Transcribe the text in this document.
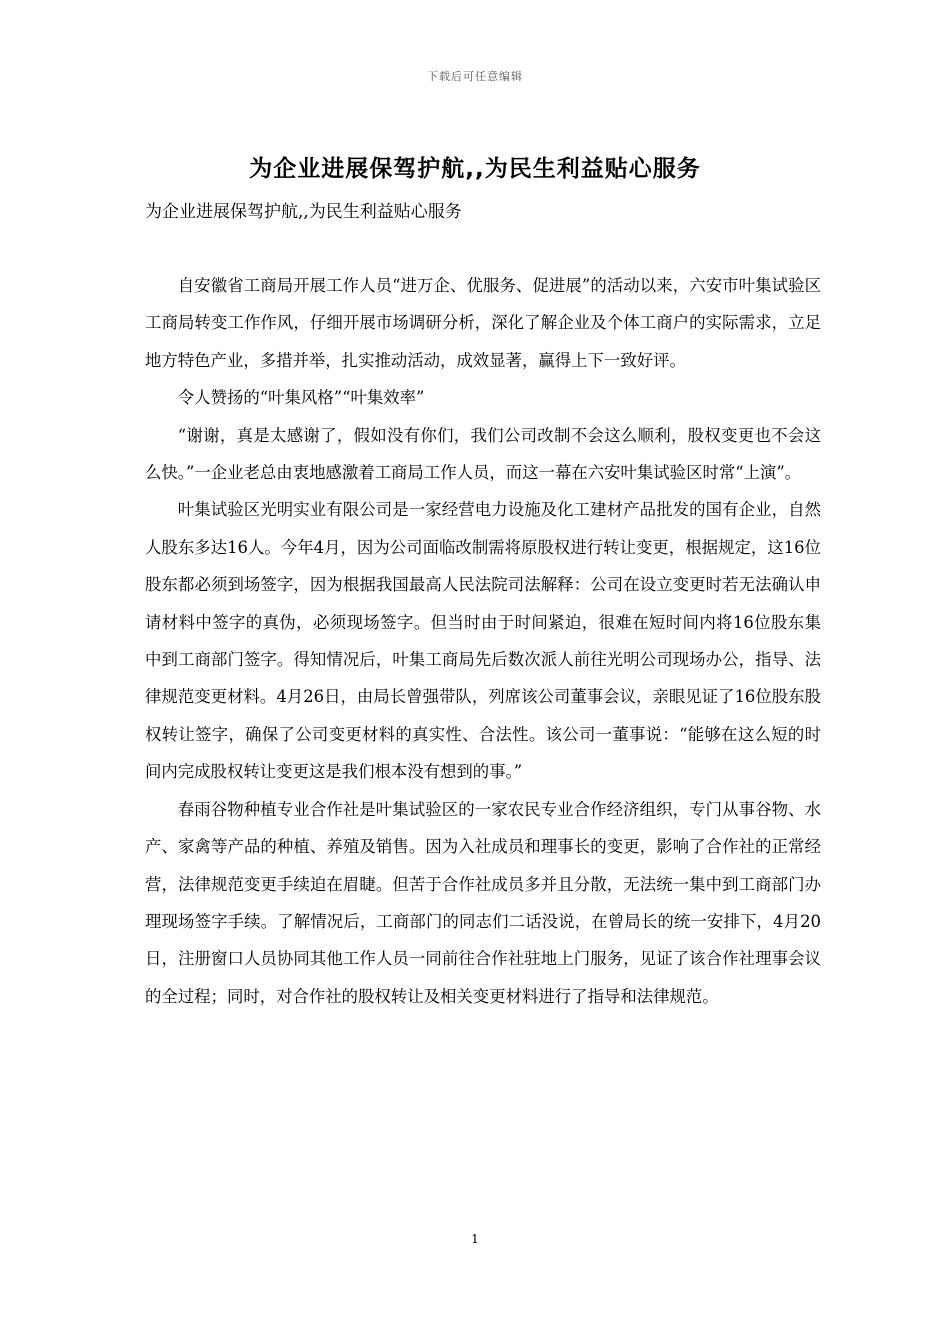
下载后可任意编辑
为企业进展保驾护航,,为民生利益贴心服务
为企业进展保驾护航,,为民生利益贴心服务

自安徽省工商局开展工作人员“进万企、优服务、促进展”的活动以来，六安市叶集试验区工商局转变工作作风，仔细开展市场调研分析，深化了解企业及个体工商户的实际需求，立足地方特色产业，多措并举，扎实推动活动，成效显著，赢得上下一致好评。

令人赞扬的“叶集风格”“叶集效率”

“谢谢，真是太感谢了，假如没有你们，我们公司改制不会这么顺利，股权变更也不会这么快。”一企业老总由衷地感激着工商局工作人员，而这一幕在六安叶集试验区时常“上演”。

叶集试验区光明实业有限公司是一家经营电力设施及化工建材产品批发的国有企业，自然人股东多达16人。今年4月，因为公司面临改制需将原股权进行转让变更，根据规定，这16位股东都必须到场签字，因为根据我国最高人民法院司法解释：公司在设立变更时若无法确认申请材料中签字的真伪，必须现场签字。但当时由于时间紧迫，很难在短时间内将16位股东集中到工商部门签字。得知情况后，叶集工商局先后数次派人前往光明公司现场办公，指导、法律规范变更材料。4月26日，由局长曾强带队，列席该公司董事会议，亲眼见证了16位股东股权转让签字，确保了公司变更材料的真实性、合法性。该公司一董事说：“能够在这么短的时间内完成股权转让变更这是我们根本没有想到的事。”

春雨谷物种植专业合作社是叶集试验区的一家农民专业合作经济组织，专门从事谷物、水产、家禽等产品的种植、养殖及销售。因为入社成员和理事长的变更，影响了合作社的正常经营，法律规范变更手续迫在眉睫。但苦于合作社成员多并且分散，无法统一集中到工商部门办理现场签字手续。了解情况后，工商部门的同志们二话没说，在曾局长的统一安排下，4月20日，注册窗口人员协同其他工作人员一同前往合作社驻地上门服务，见证了该合作社理事会议的全过程；同时，对合作社的股权转让及相关变更材料进行了指导和法律规范。

1
